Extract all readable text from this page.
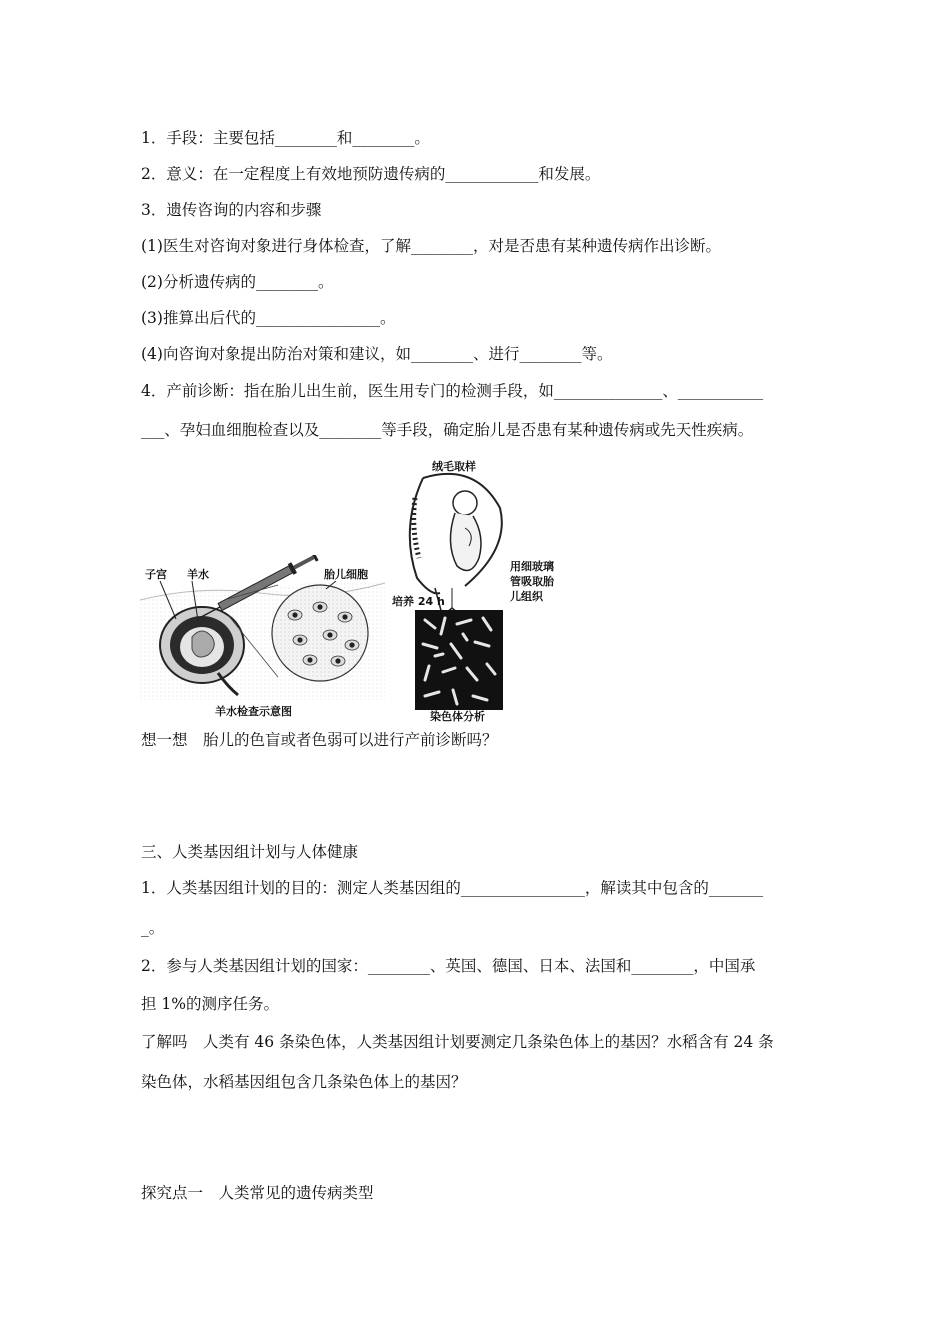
1．手段：主要包括________和________。
2．意义：在一定程度上有效地预防遗传病的____________和发展。
3．遗传咨询的内容和步骤
(1)医生对咨询对象进行身体检查，了解________，对是否患有某种遗传病作出诊断。
(2)分析遗传病的________。
(3)推算出后代的________________。
(4)向咨询对象提出防治对策和建议，如________、进行________等。
4．产前诊断：指在胎儿出生前，医生用专门的检测手段，如______________、___________
___、孕妇血细胞检查以及________等手段，确定胎儿是否患有某种遗传病或先天性疾病。
子宫 羊水	胎儿细胞
羊水检查示意图
绒毛取样
用细玻璃
管吸取胎
儿组织
培养 24 h
染色体分析
想一想　胎儿的色盲或者色弱可以进行产前诊断吗？
三、人类基因组计划与人体健康
1．人类基因组计划的目的：测定人类基因组的________________，解读其中包含的_______
_。
2．参与人类基因组计划的国家：________、英国、德国、日本、法国和________，中国承
担 1%的测序任务。
了解吗　人类有 46 条染色体，人类基因组计划要测定几条染色体上的基因？水稻含有 24 条
染色体，水稻基因组包含几条染色体上的基因？
探究点一　人类常见的遗传病类型
